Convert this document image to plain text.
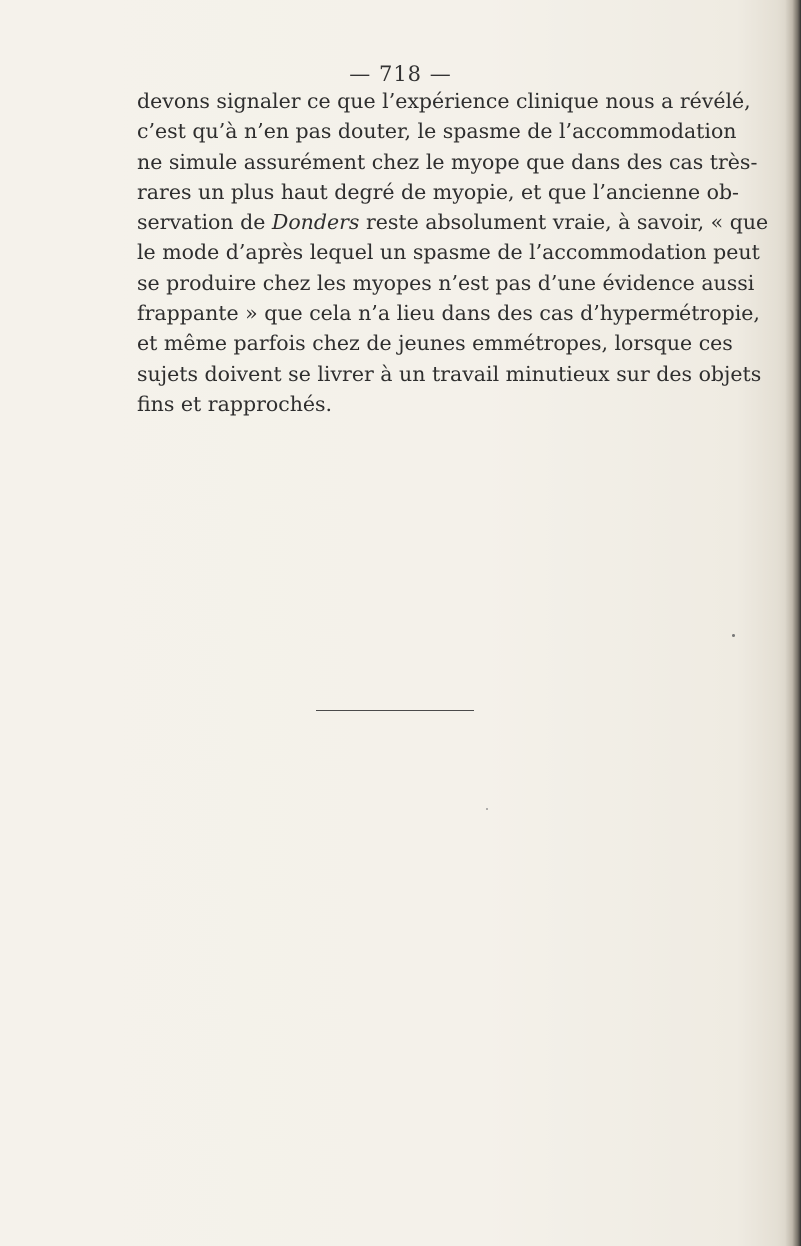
— 718 —
devons signaler ce que l’expérience clinique nous a révélé,
c’est qu’à n’en pas douter, le spasme de l’accommodation
ne simule assurément chez le myope que dans des cas très-
rares un plus haut degré de myopie, et que l’ancienne ob-
servation de Donders reste absolument vraie, à savoir, « que
le mode d’après lequel un spasme de l’accommodation peut
se produire chez les myopes n’est pas d’une évidence aussi
frappante » que cela n’a lieu dans des cas d’hypermétropie,
et même parfois chez de jeunes emmétropes, lorsque ces
sujets doivent se livrer à un travail minutieux sur des objets
fins et rapprochés.
